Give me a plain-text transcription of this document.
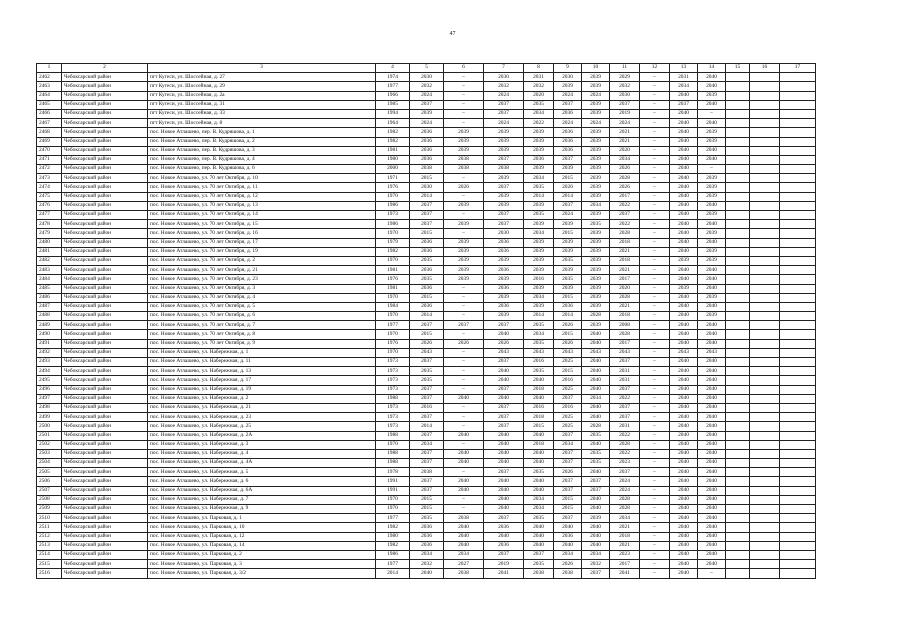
47
1	2	3	4	5	6	7	8	9	10	11	12	13	14	15	16	17
2462	Чебоксарский район	пгт Кугеси, ул. Шоссейная, д. 27	1974	2030	–	2030	2031	2030	2039	2029	–	2031	2040			
2463	Чебоксарский район	пгт Кугеси, ул. Шоссейная, д. 29	1977	2032	–	2032	2032	2039	2039	2032	–	2034	2040			
2464	Чебоксарский район	пгт Кугеси, ул. Шоссейная, д. 2а	1966	2024	–	2024	2020	2024	2024	2030	–	2040	2039			
2465	Чебоксарский район	пгт Кугеси, ул. Шоссейная, д. 31	1985	2037	–	2037	2035	2037	2039	2037	–	2037	2040			
2466	Чебоксарский район	пгт Кугеси, ул. Шоссейная, д. 33	1994	2039	–	2037	2034	2036	2039	2019	–	2040	–			
2467	Чебоксарский район	пгт Кугеси, ул. Шоссейная, д. 8	1964	2024	–	2024	2022	2024	2024	2024	–	2040	2040			
2468	Чебоксарский район	пос. Новое Атлашево, пер. В. Кудряшова, д. 1	1982	2036	2039	2039	2039	2036	2039	2021	–	2040	2039			
2469	Чебоксарский район	пос. Новое Атлашево, пер. В. Кудряшова, д. 2	1982	2036	2039	2039	2039	2036	2039	2021	–	2040	2039			
2470	Чебоксарский район	пос. Новое Атлашево, пер. В. Кудряшова, д. 3	1981	2036	2039	2039	2039	2036	2039	2020	–	2040	2040			
2471	Чебоксарский район	пос. Новое Атлашево, пер. В. Кудряшова, д. 4	1980	2036	2038	2037	2036	2037	2039	2034	–	2040	2040			
2472	Чебоксарский район	пос. Новое Атлашево, пер. В. Кудряшова, д. 6	2000	2038	2038	2038	2039	2039	2039	2026	–	2040	–			
2473	Чебоксарский район	пос. Новое Атлашево, ул. 70 лет Октября, д. 10	1971	2015	–	2039	2034	2015	2039	2028	–	2040	2039			
2474	Чебоксарский район	пос. Новое Атлашево, ул. 70 лет Октября, д. 11	1976	2030	2026	2037	2035	2026	2039	2026	–	2040	2039			
2475	Чебоксарский район	пос. Новое Атлашево, ул. 70 лет Октября, д. 12	1970	2014	–	2039	2014	2014	2039	2017	–	2040	2039			
2476	Чебоксарский район	пос. Новое Атлашево, ул. 70 лет Октября, д. 13	1986	2037	2039	2039	2039	2037	2034	2022	–	2040	2040			
2477	Чебоксарский район	пос. Новое Атлашево, ул. 70 лет Октября, д. 14	1973	2037	–	2037	2035	2024	2039	2037	–	2040	2039			
2478	Чебоксарский район	пос. Новое Атлашево, ул. 70 лет Октября, д. 15	1986	2037	2039	2037	2039	2039	2035	2022	–	2040	2040			
2479	Чебоксарский район	пос. Новое Атлашево, ул. 70 лет Октября, д. 16	1970	2015	–	2030	2034	2015	2039	2028	–	2040	2039			
2480	Чебоксарский район	пос. Новое Атлашево, ул. 70 лет Октября, д. 17	1979	2036	2039	2036	2039	2039	2039	2018	–	2040	2040			
2481	Чебоксарский район	пос. Новое Атлашево, ул. 70 лет Октября, д. 19	1982	2036	2039	2036	2039	2039	2039	2021	–	2040	2039			
2482	Чебоксарский район	пос. Новое Атлашево, ул. 70 лет Октября, д. 2	1970	2035	2039	2039	2039	2035	2039	2018	–	2039	2039			
2483	Чебоксарский район	пос. Новое Атлашево, ул. 70 лет Октября, д. 21	1981	2036	2039	2036	2039	2039	2039	2021	–	2040	2040			
2484	Чебоксарский район	пос. Новое Атлашево, ул. 70 лет Октября, д. 23	1976	2035	2039	2039	2016	2035	2039	2017	–	2040	2040			
2485	Чебоксарский район	пос. Новое Атлашево, ул. 70 лет Октября, д. 3	1981	2036	–	2036	2039	2039	2039	2020	–	2039	2040			
2486	Чебоксарский район	пос. Новое Атлашево, ул. 70 лет Октября, д. 4	1970	2015	–	2039	2034	2015	2039	2028	–	2040	2039			
2487	Чебоксарский район	пос. Новое Атлашево, ул. 70 лет Октября, д. 5	1984	2036	–	2036	2039	2036	2039	2021	–	2040	2040			
2488	Чебоксарский район	пос. Новое Атлашево, ул. 70 лет Октября, д. 6	1970	2014	–	2039	2014	2014	2028	2018	–	2040	2039			
2489	Чебоксарский район	пос. Новое Атлашево, ул. 70 лет Октября, д. 7	1977	2037	2037	2037	2035	2026	2039	2008	–	2040	2040			
2490	Чебоксарский район	пос. Новое Атлашево, ул. 70 лет Октября, д. 8	1970	2015	–	2040	2034	2015	2040	2028	–	2040	2040			
2491	Чебоксарский район	пос. Новое Атлашево, ул. 70 лет Октября, д. 9	1976	2026	2026	2026	2035	2026	2040	2017	–	2040	2040			
2492	Чебоксарский район	пос. Новое Атлашево, ул. Набережная, д. 1	1970	2043	–	2043	2043	2043	2043	2043	–	2043	2043			
2493	Чебоксарский район	пос. Новое Атлашево, ул. Набережная, д. 11	1973	2037	–	2037	2016	2025	2040	2037	–	2040	2040			
2494	Чебоксарский район	пос. Новое Атлашево, ул. Набережная, д. 13	1973	2035	–	2040	2035	2015	2040	2031	–	2040	2040			
2495	Чебоксарский район	пос. Новое Атлашево, ул. Набережная, д. 17	1973	2035	–	2040	2040	2016	2040	2031	–	2040	2040			
2496	Чебоксарский район	пос. Новое Атлашево, ул. Набережная, д. 19	1973	2037	–	2037	2018	2025	2040	2037	–	2040	2040			
2497	Чебоксарский район	пос. Новое Атлашево, ул. Набережная, д. 2	1988	2037	2040	2040	2040	2037	2034	2022	–	2040	2040			
2498	Чебоксарский район	пос. Новое Атлашево, ул. Набережная, д. 21	1973	2016	–	2037	2016	2016	2040	2037	–	2040	2040			
2499	Чебоксарский район	пос. Новое Атлашево, ул. Набережная, д. 23	1973	2037	–	2037	2018	2025	2040	2037	–	2040	2040			
2500	Чебоксарский район	пос. Новое Атлашево, ул. Набережная, д. 25	1973	2014	–	2037	2015	2025	2028	2031	–	2040	2040			
2501	Чебоксарский район	пос. Новое Атлашево, ул. Набережная, д. 2А	1988	2037	2040	2040	2040	2037	2035	2022	–	2040	2040			
2502	Чебоксарский район	пос. Новое Атлашево, ул. Набережная, д. 3	1970	2034	–	2040	2018	2034	2040	2028	–	2040	2040			
2503	Чебоксарский район	пос. Новое Атлашево, ул. Набережная, д. 4	1988	2037	2040	2040	2040	2037	2035	2022	–	2040	2040			
2504	Чебоксарский район	пос. Новое Атлашево, ул. Набережная, д. 4А	1988	2037	2040	2040	2040	2037	2035	2023	–	2040	2040			
2505	Чебоксарский район	пос. Новое Атлашево, ул. Набережная, д. 5	1978	2038	–	2037	2035	2026	2040	2037	–	2040	2040			
2506	Чебоксарский район	пос. Новое Атлашево, ул. Набережная, д. 6	1991	2037	2040	2040	2040	2037	2037	2024	–	2040	2040			
2507	Чебоксарский район	пос. Новое Атлашево, ул. Набережная, д. 6А	1991	2037	2040	2040	2040	2037	2037	2024	–	2040	2040			
2508	Чебоксарский район	пос. Новое Атлашево, ул. Набережная, д. 7	1970	2015	–	2040	2034	2015	2040	2028	–	2040	2040			
2509	Чебоксарский район	пос. Новое Атлашево, ул. Набережная, д. 9	1970	2015	–	2040	2034	2015	2040	2028	–	2040	2040			
2510	Чебоксарский район	пос. Новое Атлашево, ул. Парковая, д. 1	1977	2035	2038	2037	2035	2037	2039	2034	–	2040	2040			
2511	Чебоксарский район	пос. Новое Атлашево, ул. Парковая, д. 10	1982	2036	2040	2036	2040	2040	2040	2021	–	2040	2040			
2512	Чебоксарский район	пос. Новое Атлашево, ул. Парковая, д. 12	1980	2036	2040	2040	2040	2036	2040	2018	–	2040	2040			
2513	Чебоксарский район	пос. Новое Атлашево, ул. Парковая, д. 14	1982	2036	2040	2036	2040	2040	2040	2021	–	2040	2040			
2514	Чебоксарский район	пос. Новое Атлашево, ул. Парковая, д. 2	1986	2034	2034	2037	2037	2034	2034	2023	–	2040	2040			
2515	Чебоксарский район	пос. Новое Атлашево, ул. Парковая, д. 3	1977	2032	2027	2019	2035	2026	2032	2017	–	2040	2040			
2516	Чебоксарский район	пос. Новое Атлашево, ул. Парковая, д. 3/2	2014	2040	2038	2041	2038	2038	2037	2041	–	2040	–			
